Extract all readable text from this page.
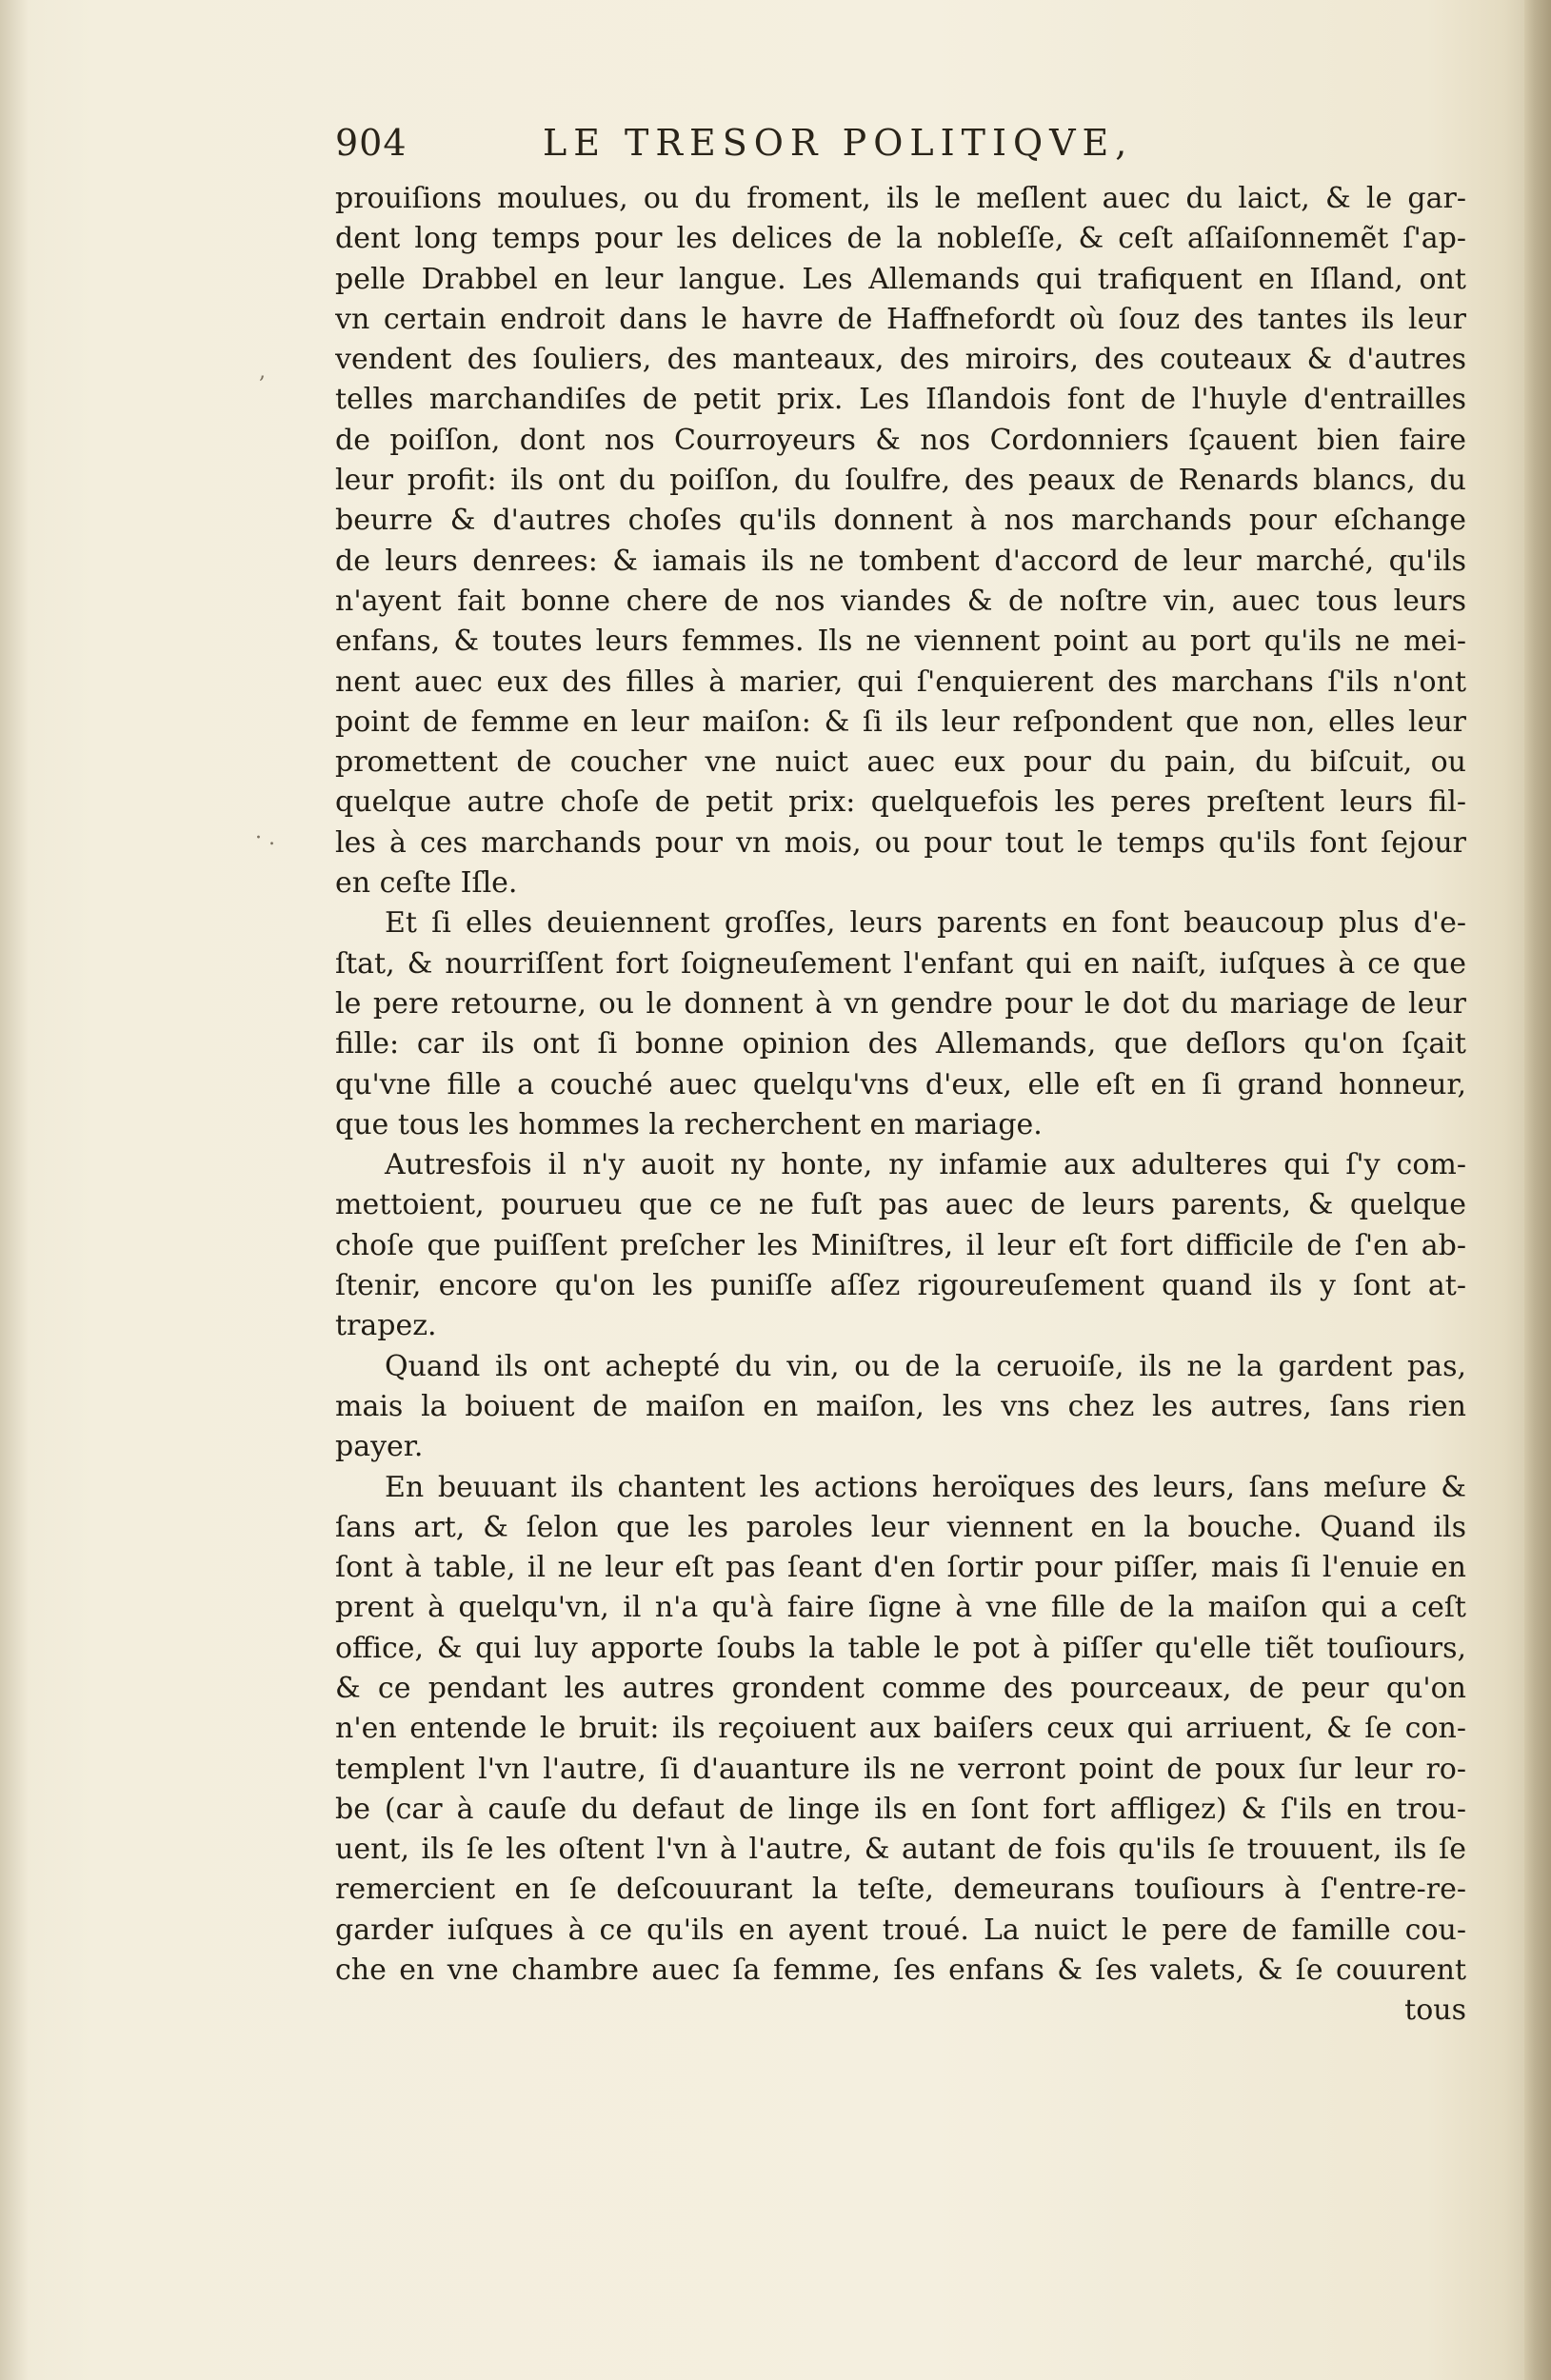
904	LE TRESOR POLITIQVE,
,
· .
prouiſions moulues, ou du froment, ils le meſlent auec du laict, & le gar-
dent long temps pour les delices de la nobleſſe, & ceſt aſſaiſonnemẽt ſ'ap-
pelle Drabbel en leur langue. Les Allemands qui trafiquent en Iſland, ont
vn certain endroit dans le havre de Haffnefordt où ſouz des tantes ils leur
vendent des ſouliers, des manteaux, des miroirs, des couteaux & d'autres
telles marchandiſes de petit prix. Les Iſlandois font de l'huyle d'entrailles
de poiſſon, dont nos Courroyeurs & nos Cordonniers ſçauent bien faire
leur profit: ils ont du poiſſon, du ſoulfre, des peaux de Renards blancs, du
beurre & d'autres choſes qu'ils donnent à nos marchands pour eſchange
de leurs denrees: & iamais ils ne tombent d'accord de leur marché, qu'ils
n'ayent fait bonne chere de nos viandes & de noſtre vin, auec tous leurs
enfans, & toutes leurs femmes. Ils ne viennent point au port qu'ils ne mei-
nent auec eux des filles à marier, qui ſ'enquierent des marchans ſ'ils n'ont
point de femme en leur maiſon: & ſi ils leur reſpondent que non, elles leur
promettent de coucher vne nuict auec eux pour du pain, du biſcuit, ou
quelque autre choſe de petit prix: quelquefois les peres preſtent leurs fil-
les à ces marchands pour vn mois, ou pour tout le temps qu'ils font ſejour
en ceſte Iſle.
Et ſi elles deuiennent groſſes, leurs parents en font beaucoup plus d'e-
ſtat, & nourriſſent fort ſoigneuſement l'enfant qui en naiſt, iuſques à ce que
le pere retourne, ou le donnent à vn gendre pour le dot du mariage de leur
fille: car ils ont ſi bonne opinion des Allemands, que deſlors qu'on ſçait
qu'vne fille a couché auec quelqu'vns d'eux, elle eſt en ſi grand honneur,
que tous les hommes la recherchent en mariage.
Autresfois il n'y auoit ny honte, ny infamie aux adulteres qui ſ'y com-
mettoient, pourueu que ce ne fuſt pas auec de leurs parents, & quelque
choſe que puiſſent preſcher les Miniſtres, il leur eſt fort difficile de ſ'en ab-
ſtenir, encore qu'on les puniſſe aſſez rigoureuſement quand ils y ſont at-
trapez.
Quand ils ont achepté du vin, ou de la ceruoiſe, ils ne la gardent pas,
mais la boiuent de maiſon en maiſon, les vns chez les autres, ſans rien
payer.
En beuuant ils chantent les actions heroïques des leurs, ſans meſure &
ſans art, & ſelon que les paroles leur viennent en la bouche. Quand ils
ſont à table, il ne leur eſt pas ſeant d'en ſortir pour piſſer, mais ſi l'enuie en
prent à quelqu'vn, il n'a qu'à faire ſigne à vne fille de la maiſon qui a ceſt
office, & qui luy apporte ſoubs la table le pot à piſſer qu'elle tiẽt touſiours,
& ce pendant les autres grondent comme des pourceaux, de peur qu'on
n'en entende le bruit: ils reçoiuent aux baiſers ceux qui arriuent, & ſe con-
templent l'vn l'autre, ſi d'auanture ils ne verront point de poux ſur leur ro-
be (car à cauſe du defaut de linge ils en ſont fort affligez) & ſ'ils en trou-
uent, ils ſe les oſtent l'vn à l'autre, & autant de fois qu'ils ſe trouuent, ils ſe
remercient en ſe deſcouurant la teſte, demeurans touſiours à ſ'entre-re-
garder iuſques à ce qu'ils en ayent troué. La nuict le pere de famille cou-
che en vne chambre auec ſa femme, ſes enfans & ſes valets, & ſe couurent
tous
